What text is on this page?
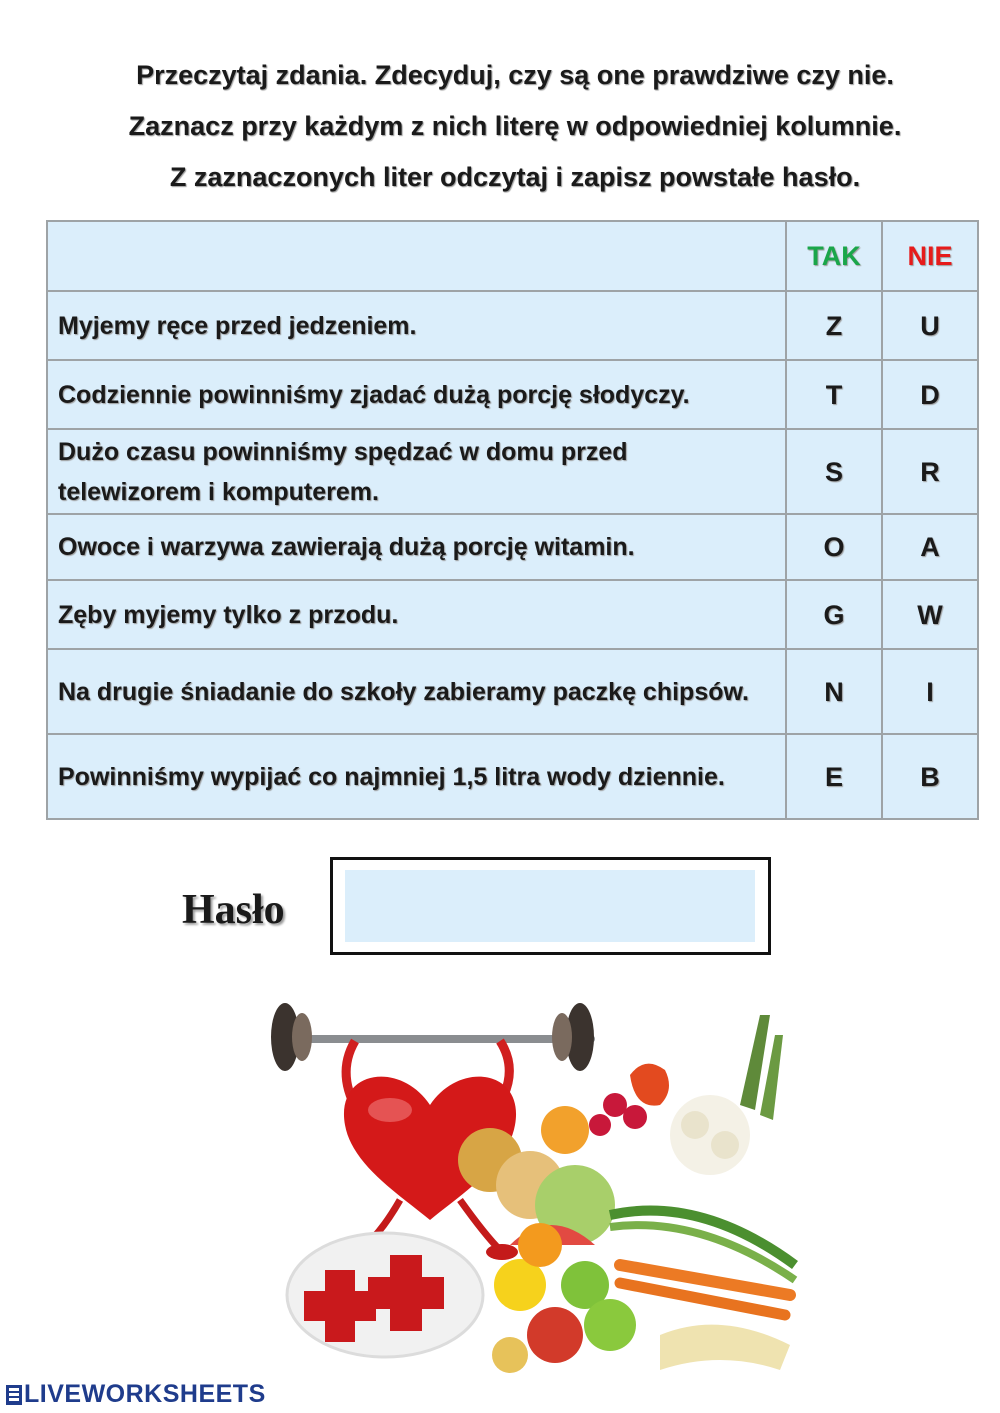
Przeczytaj zdania. Zdecyduj, czy są one prawdziwe czy nie.
Zaznacz przy każdym z nich literę w odpowiedniej kolumnie.
Z zaznaczonych liter odczytaj i zapisz powstałe hasło.
	TAK	NIE
Myjemy ręce przed jedzeniem.	Z	U
Codziennie powinniśmy zjadać dużą porcję słodyczy.	T	D
Dużo czasu powinniśmy spędzać w domu przed telewizorem i komputerem.	S	R
Owoce i warzywa zawierają dużą porcję witamin.	O	A
Zęby myjemy tylko z przodu.	G	W
Na drugie śniadanie do szkoły zabieramy paczkę chipsów.	N	I
Powinniśmy wypijać co najmniej 1,5 litra wody dziennie.	E	B
Hasło
LIVEWORKSHEETS
